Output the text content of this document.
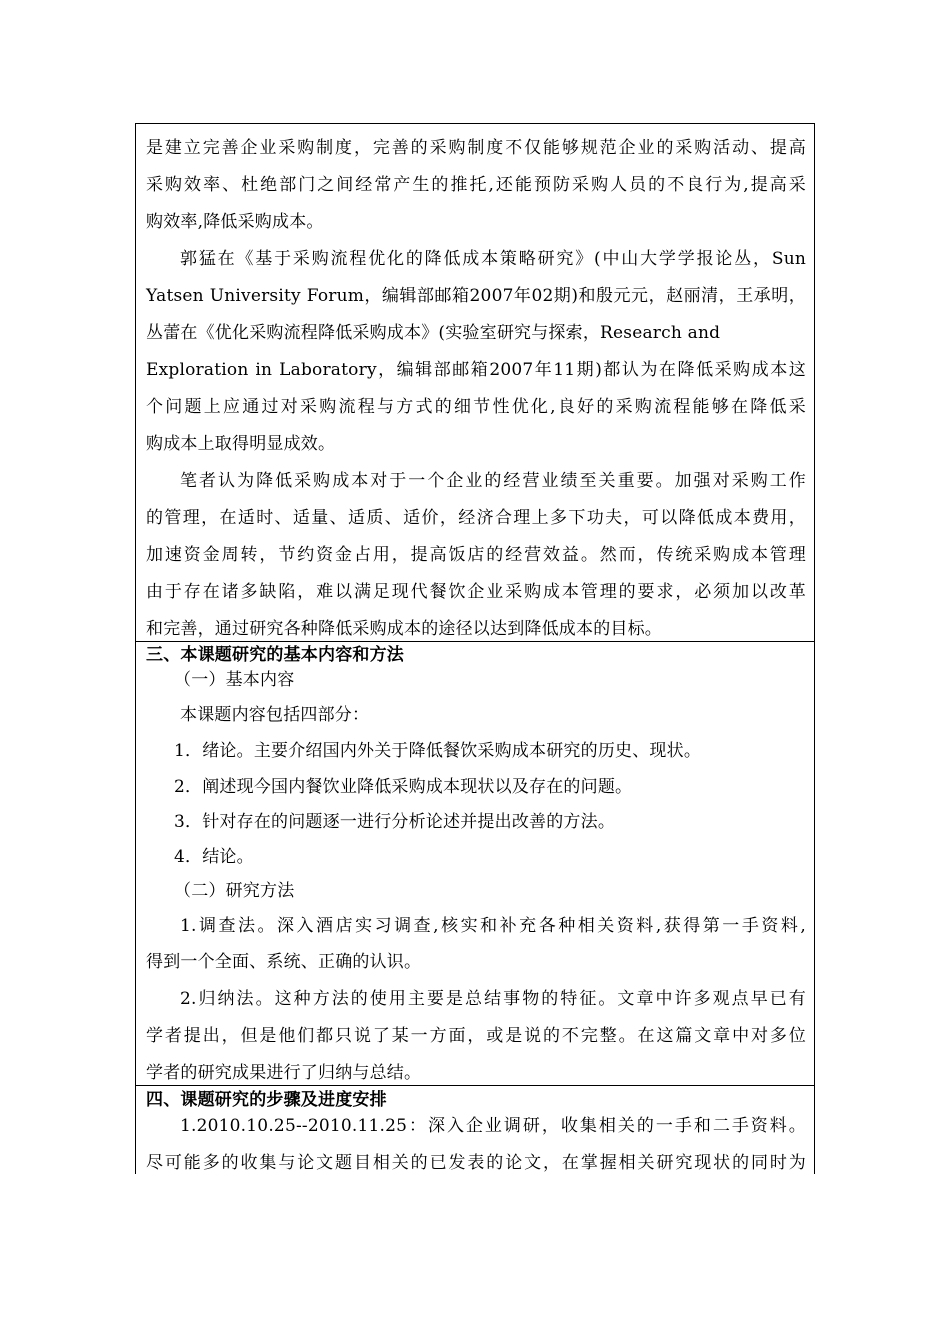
是建立完善企业采购制度，完善的采购制度不仅能够规范企业的采购活动、提高
采购效率、杜绝部门之间经常产生的推托,还能预防采购人员的不良行为,提高采
购效率,降低采购成本。
郭猛在《基于采购流程优化的降低成本策略研究》(中山大学学报论丛，Sun
Yatsen University Forum，编辑部邮箱2007年02期)和殷元元，赵丽清，王承明，
丛蕾在《优化采购流程降低采购成本》(实验室研究与探索，Research and
Exploration in Laboratory，编辑部邮箱2007年11期)都认为在降低采购成本这
个问题上应通过对采购流程与方式的细节性优化,良好的采购流程能够在降低采
购成本上取得明显成效。
笔者认为降低采购成本对于一个企业的经营业绩至关重要。加强对采购工作
的管理，在适时、适量、适质、适价，经济合理上多下功夫，可以降低成本费用，
加速资金周转，节约资金占用，提高饭店的经营效益。然而，传统采购成本管理
由于存在诸多缺陷，难以满足现代餐饮企业采购成本管理的要求，必须加以改革
和完善，通过研究各种降低采购成本的途径以达到降低成本的目标。
三、本课题研究的基本内容和方法
（一）基本内容
本课题内容包括四部分：
1．绪论。主要介绍国内外关于降低餐饮采购成本研究的历史、现状。
2．阐述现今国内餐饮业降低采购成本现状以及存在的问题。
3．针对存在的问题逐一进行分析论述并提出改善的方法。
4．结论。
（二）研究方法
1.调查法。深入酒店实习调查,核实和补充各种相关资料,获得第一手资料,
得到一个全面、系统、正确的认识。
2.归纳法。这种方法的使用主要是总结事物的特征。文章中许多观点早已有
学者提出，但是他们都只说了某一方面，或是说的不完整。在这篇文章中对多位
学者的研究成果进行了归纳与总结。
四、课题研究的步骤及进度安排
1.2010.10.25--2010.11.25：深入企业调研，收集相关的一手和二手资料。
尽可能多的收集与论文题目相关的已发表的论文，在掌握相关研究现状的同时为
